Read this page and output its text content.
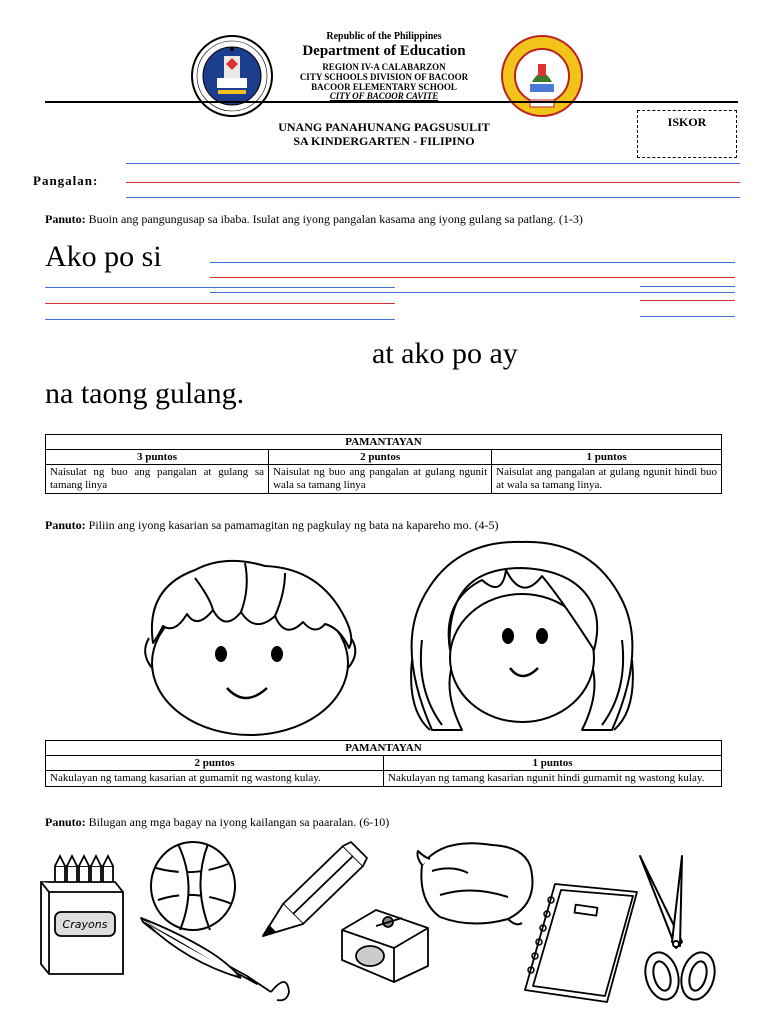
Republic of the Philippines
Department of Education
REGION IV-A CALABARZON
CITY SCHOOLS DIVISION OF BACOOR
BACOOR ELEMENTARY SCHOOL
CITY OF BACOOR CAVITE
ISKOR
UNANG PANAHUNANG PAGSUSULIT
SA KINDERGARTEN - FILIPINO
Pangalan:
Panuto: Buoin ang pangungusap sa ibaba. Isulat ang iyong pangalan kasama ang iyong gulang sa patlang. (1-3)
Ako po si
at ako po ay
na taong gulang.
PAMANTAYAN		
3 puntos	2 puntos	1 puntos
Naisulat ng buo ang pangalan at gulang sa tamang linya	Naisulat ng buo ang pangalan at gulang ngunit wala sa tamang linya	Naisulat ang pangalan at gulang ngunit hindi buo at wala sa tamang linya.
Panuto: Piliin ang iyong kasarian sa pamamagitan ng pagkulay ng bata na kapareho mo. (4-5)
PAMANTAYAN	
2 puntos	1 puntos
Nakulayan ng tamang kasarian at gumamit ng wastong kulay.	Nakulayan ng tamang kasarian ngunit hindi gumamit ng wastong kulay.
Panuto: Bilugan ang mga bagay na iyong kailangan sa paaralan. (6-10)
Crayons
